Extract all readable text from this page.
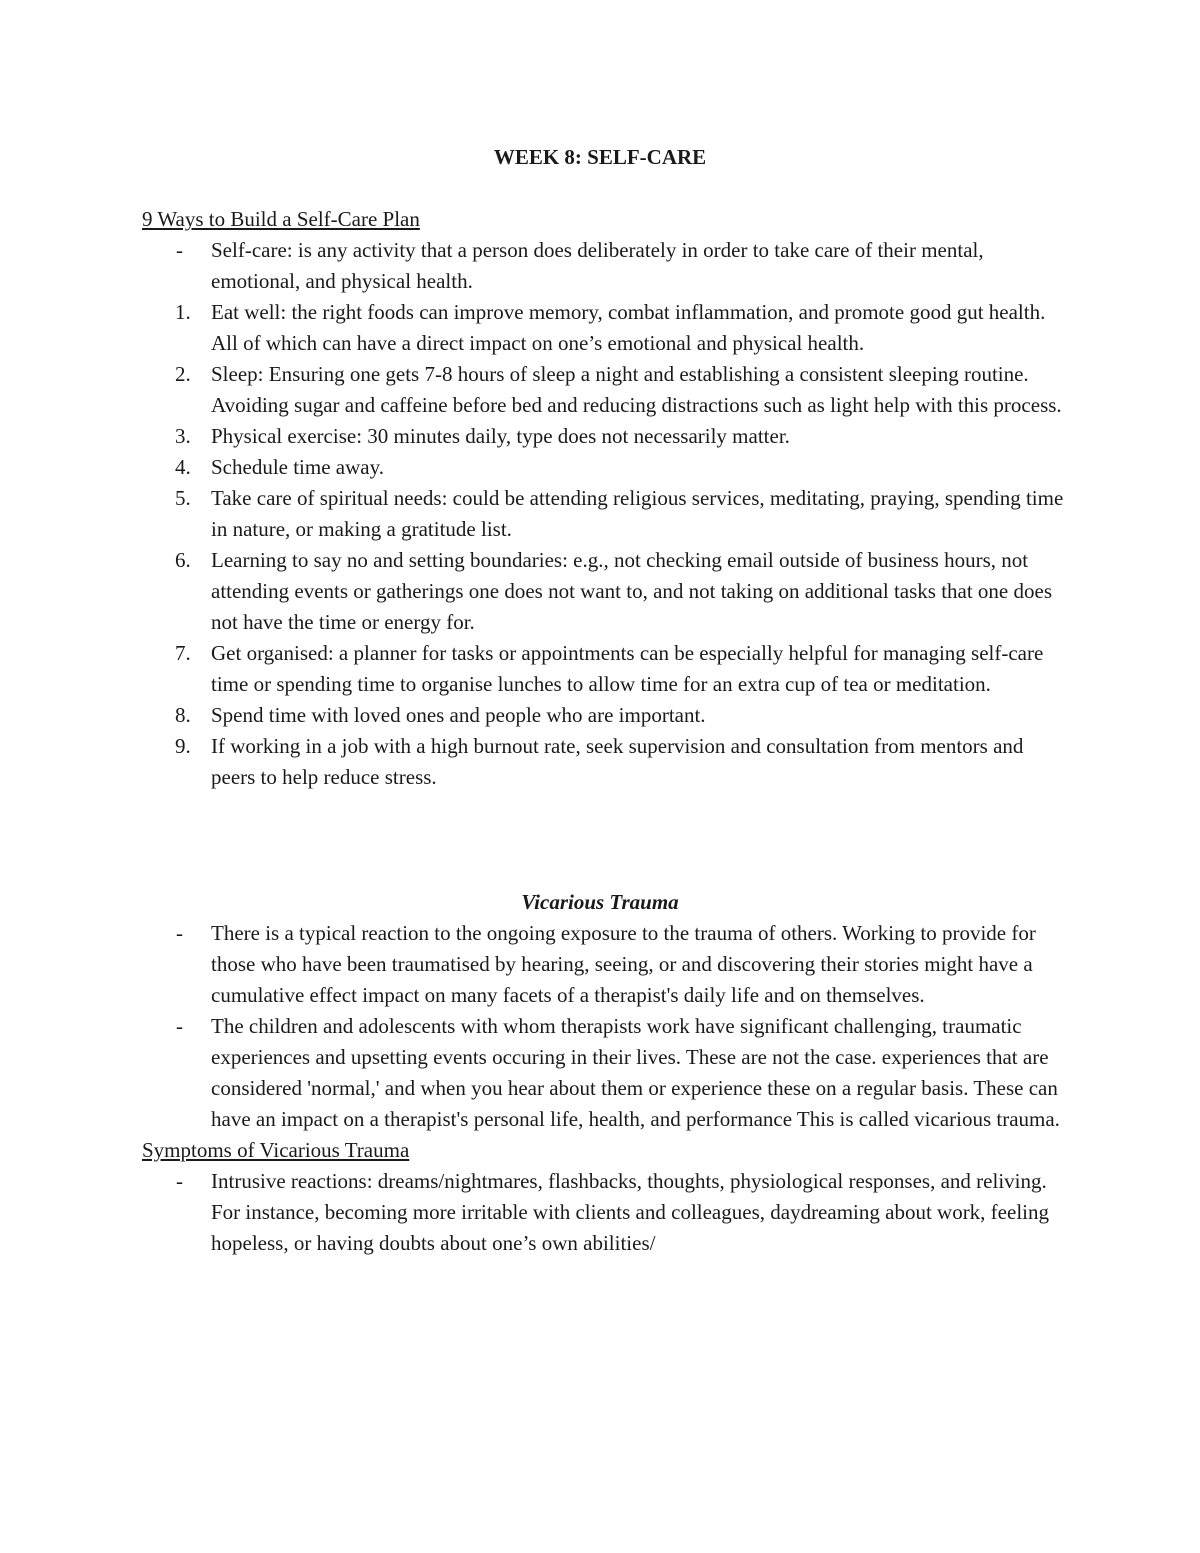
WEEK 8: SELF-CARE
9 Ways to Build a Self-Care Plan
- Self-care: is any activity that a person does deliberately in order to take care of their mental, emotional, and physical health.
1. Eat well: the right foods can improve memory, combat inflammation, and promote good gut health. All of which can have a direct impact on one’s emotional and physical health.
2. Sleep: Ensuring one gets 7-8 hours of sleep a night and establishing a consistent sleeping routine. Avoiding sugar and caffeine before bed and reducing distractions such as light help with this process.
3. Physical exercise: 30 minutes daily, type does not necessarily matter.
4. Schedule time away.
5. Take care of spiritual needs: could be attending religious services, meditating, praying, spending time in nature, or making a gratitude list.
6. Learning to say no and setting boundaries: e.g., not checking email outside of business hours, not attending events or gatherings one does not want to, and not taking on additional tasks that one does not have the time or energy for.
7. Get organised: a planner for tasks or appointments can be especially helpful for managing self-care time or spending time to organise lunches to allow time for an extra cup of tea or meditation.
8. Spend time with loved ones and people who are important.
9. If working in a job with a high burnout rate, seek supervision and consultation from mentors and peers to help reduce stress.
Vicarious Trauma
- There is a typical reaction to the ongoing exposure to the trauma of others. Working to provide for those who have been traumatised by hearing, seeing, or and discovering their stories might have a cumulative effect impact on many facets of a therapist's daily life and on themselves.
- The children and adolescents with whom therapists work have significant challenging, traumatic experiences and upsetting events occuring in their lives. These are not the case. experiences that are considered 'normal,' and when you hear about them or experience these on a regular basis. These can have an impact on a therapist's personal life, health, and performance This is called vicarious trauma.
Symptoms of Vicarious Trauma
- Intrusive reactions: dreams/nightmares, flashbacks, thoughts, physiological responses, and reliving. For instance, becoming more irritable with clients and colleagues, daydreaming about work, feeling hopeless, or having doubts about one’s own abilities/
